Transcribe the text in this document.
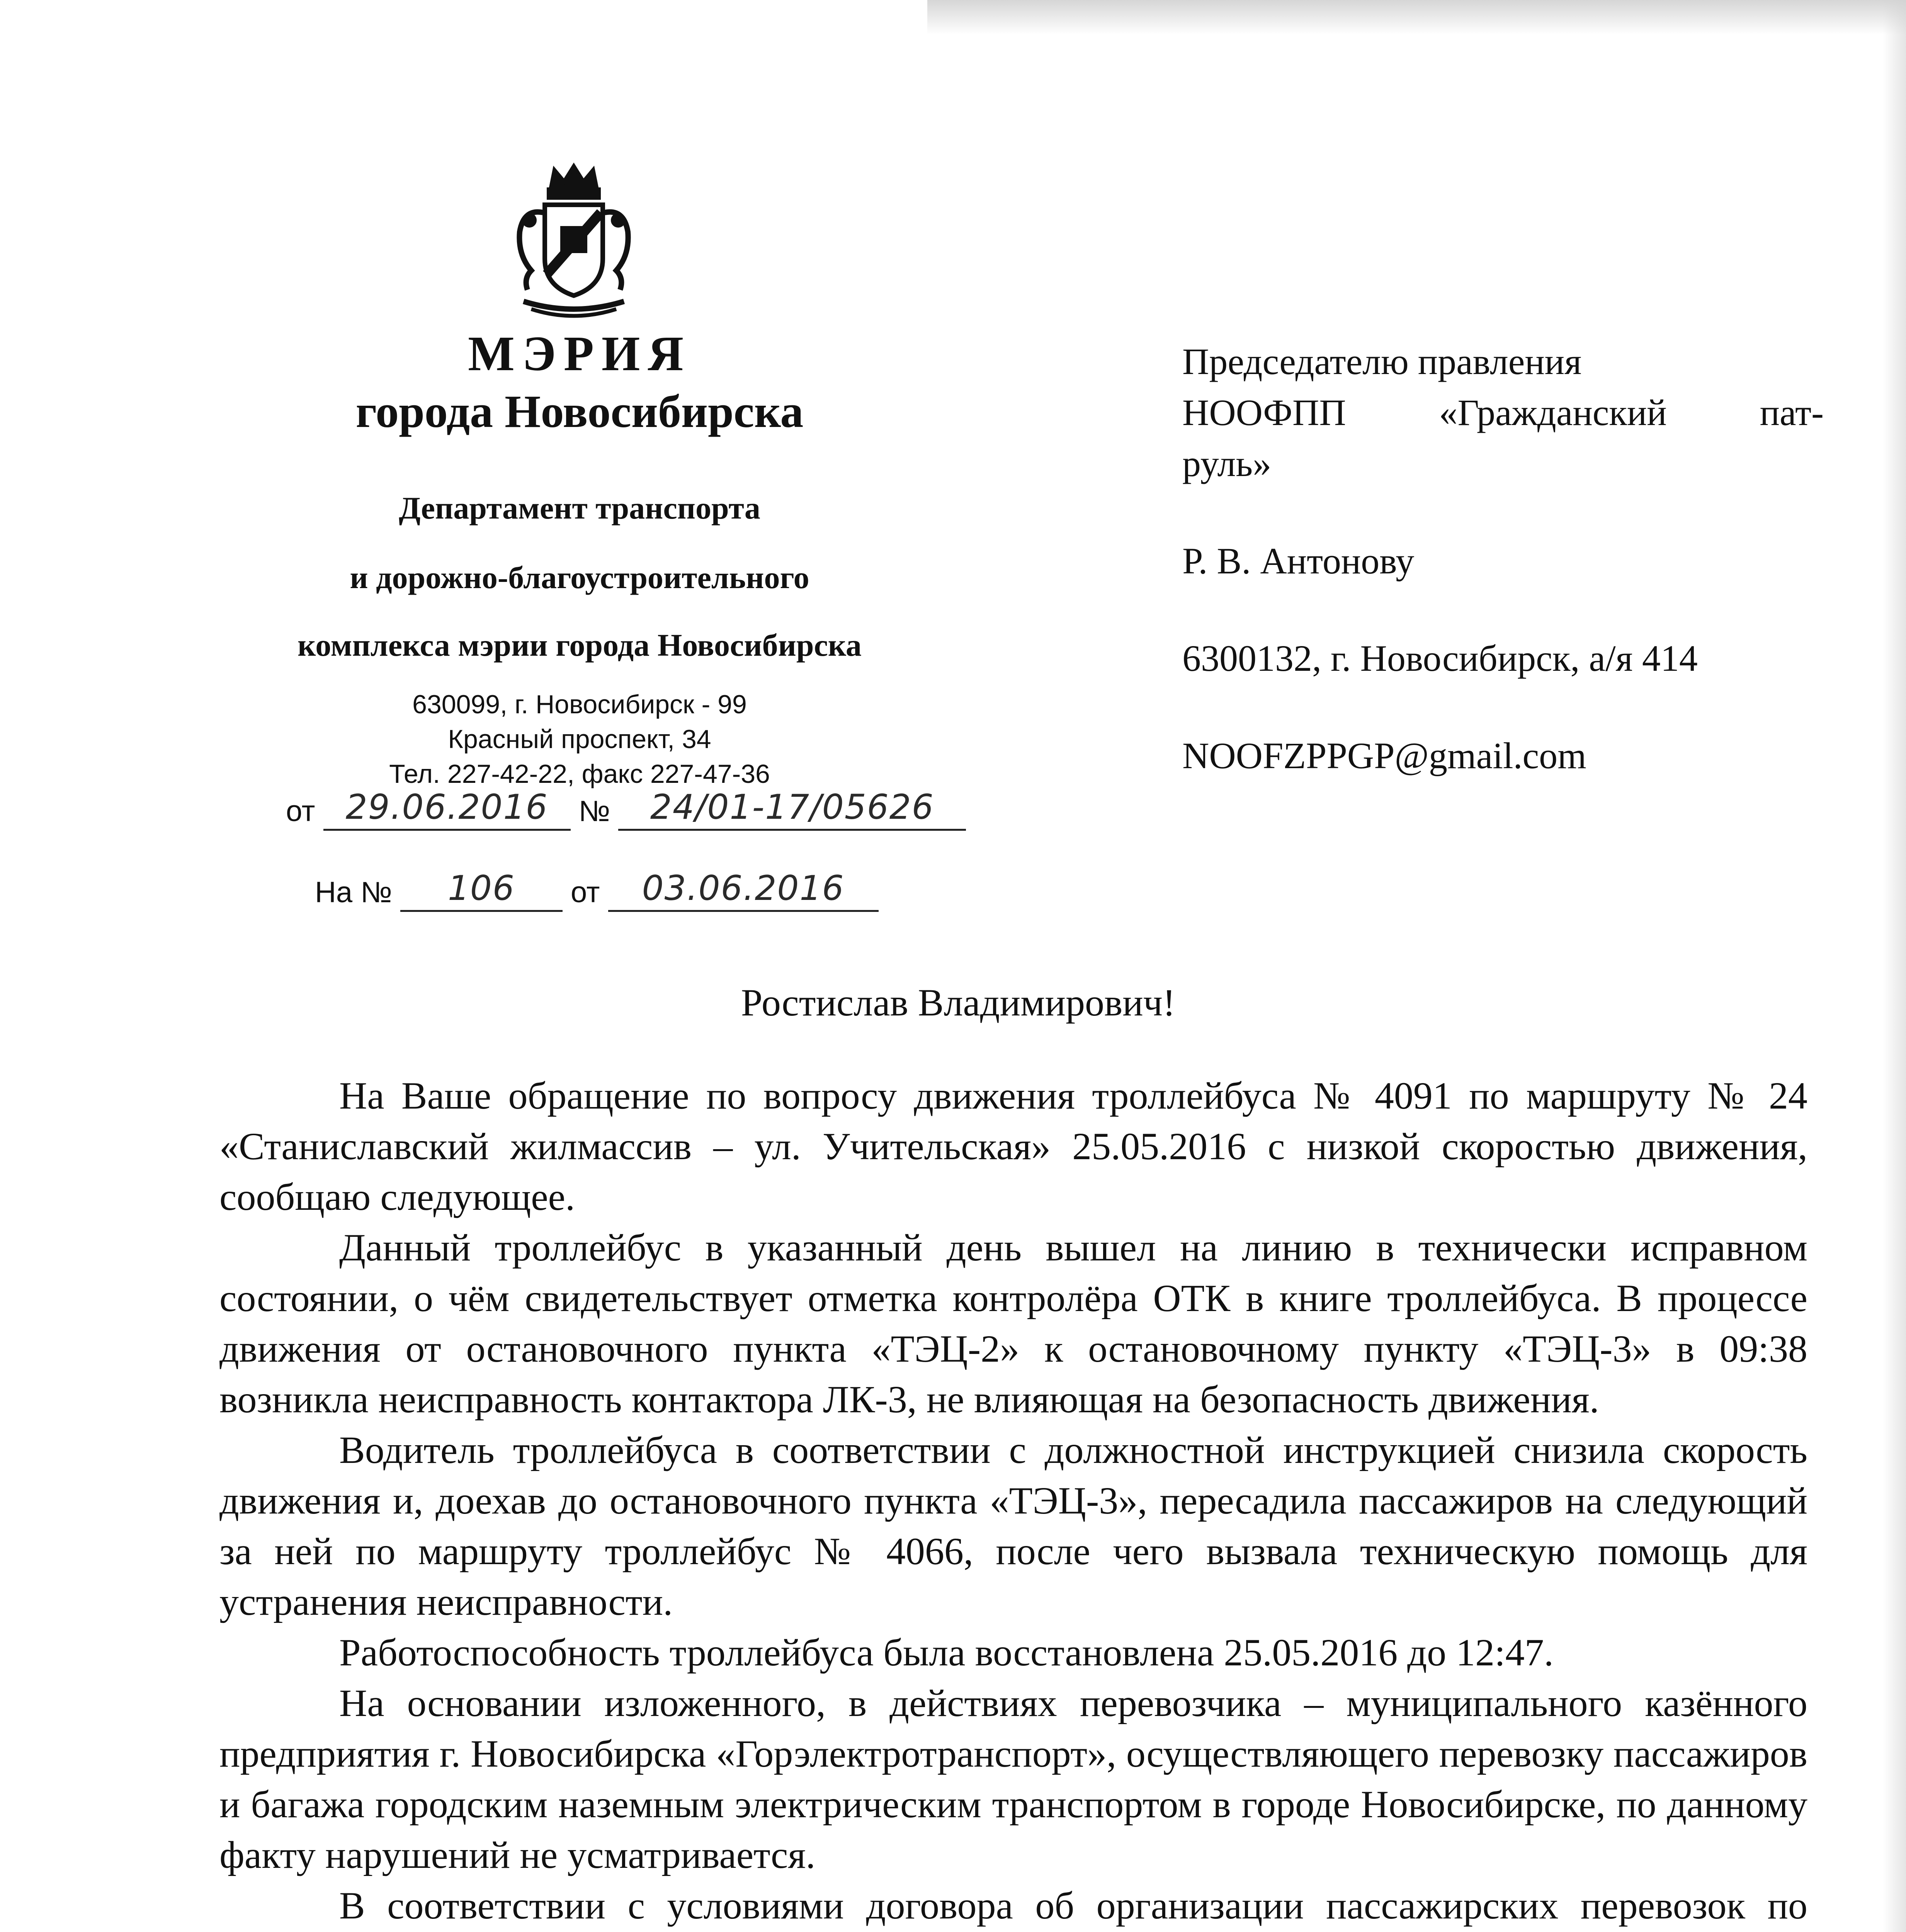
МЭРИЯ
города Новосибирска
Департамент транспорта
и дорожно-благоустроительного
комплекса мэрии города Новосибирска
630099, г. Новосибирск - 99
Красный проспект, 34
Тел. 227-42-22, факс 227-47-36
от 29.06.2016	№	24/01-17/05626
На №	106	от	03.06.2016
Председателю правления
НООФПП	«Гражданский	пат-
руль»
Р. В. Антонову
6300132, г. Новосибирск, а/я 414
NOOFZPPGP@gmail.com
Ростислав Владимирович!

На Ваше обращение по вопросу движения троллейбуса № 4091 по маршруту № 24 «Станиславский жилмассив – ул. Учительская» 25.05.2016 с низкой скоростью движения, сообщаю следующее.

Данный троллейбус в указанный день вышел на линию в технически исправном состоянии, о чём свидетельствует отметка контролёра ОТК в книге троллейбуса. В процессе движения от остановочного пункта «ТЭЦ-2» к остановочному пункту «ТЭЦ-3» в 09:38 возникла неисправность контактора ЛК-3, не влияющая на безопасность движения.

Водитель троллейбуса в соответствии с должностной инструкцией снизила скорость движения и, доехав до остановочного пункта «ТЭЦ-3», пересадила пассажиров на следующий за ней по маршруту троллейбус № 4066, после чего вызвала техническую помощь для устранения неисправности.

Работоспособность троллейбуса была восстановлена 25.05.2016 до 12:47.

На основании изложенного, в действиях перевозчика – муниципального казённого предприятия г. Новосибирска «Горэлектротранспорт», осуществляющего перевозку пассажиров и багажа городским наземным электрическим транспортом в городе Новосибирске, по данному факту нарушений не усматривается.

В соответствии с условиями договора об организации пассажирских перевозок по
